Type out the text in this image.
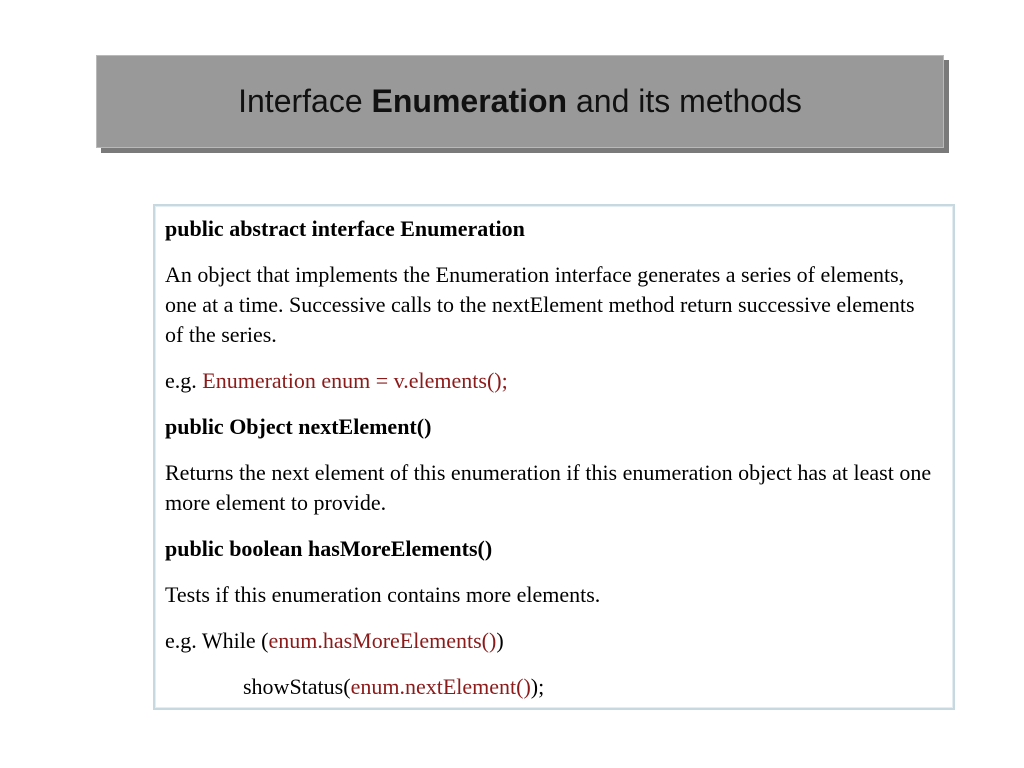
Interface Enumeration and its methods

public abstract interface Enumeration

An object that implements the Enumeration interface generates a series of elements, one at a time. Successive calls to the nextElement method return successive elements of the series.

e.g. Enumeration enum = v.elements();

public Object nextElement()

Returns the next element of this enumeration if this enumeration object has at least one more element to provide.

public boolean hasMoreElements()

Tests if this enumeration contains more elements.

e.g. While (enum.hasMoreElements())

showStatus(enum.nextElement());
